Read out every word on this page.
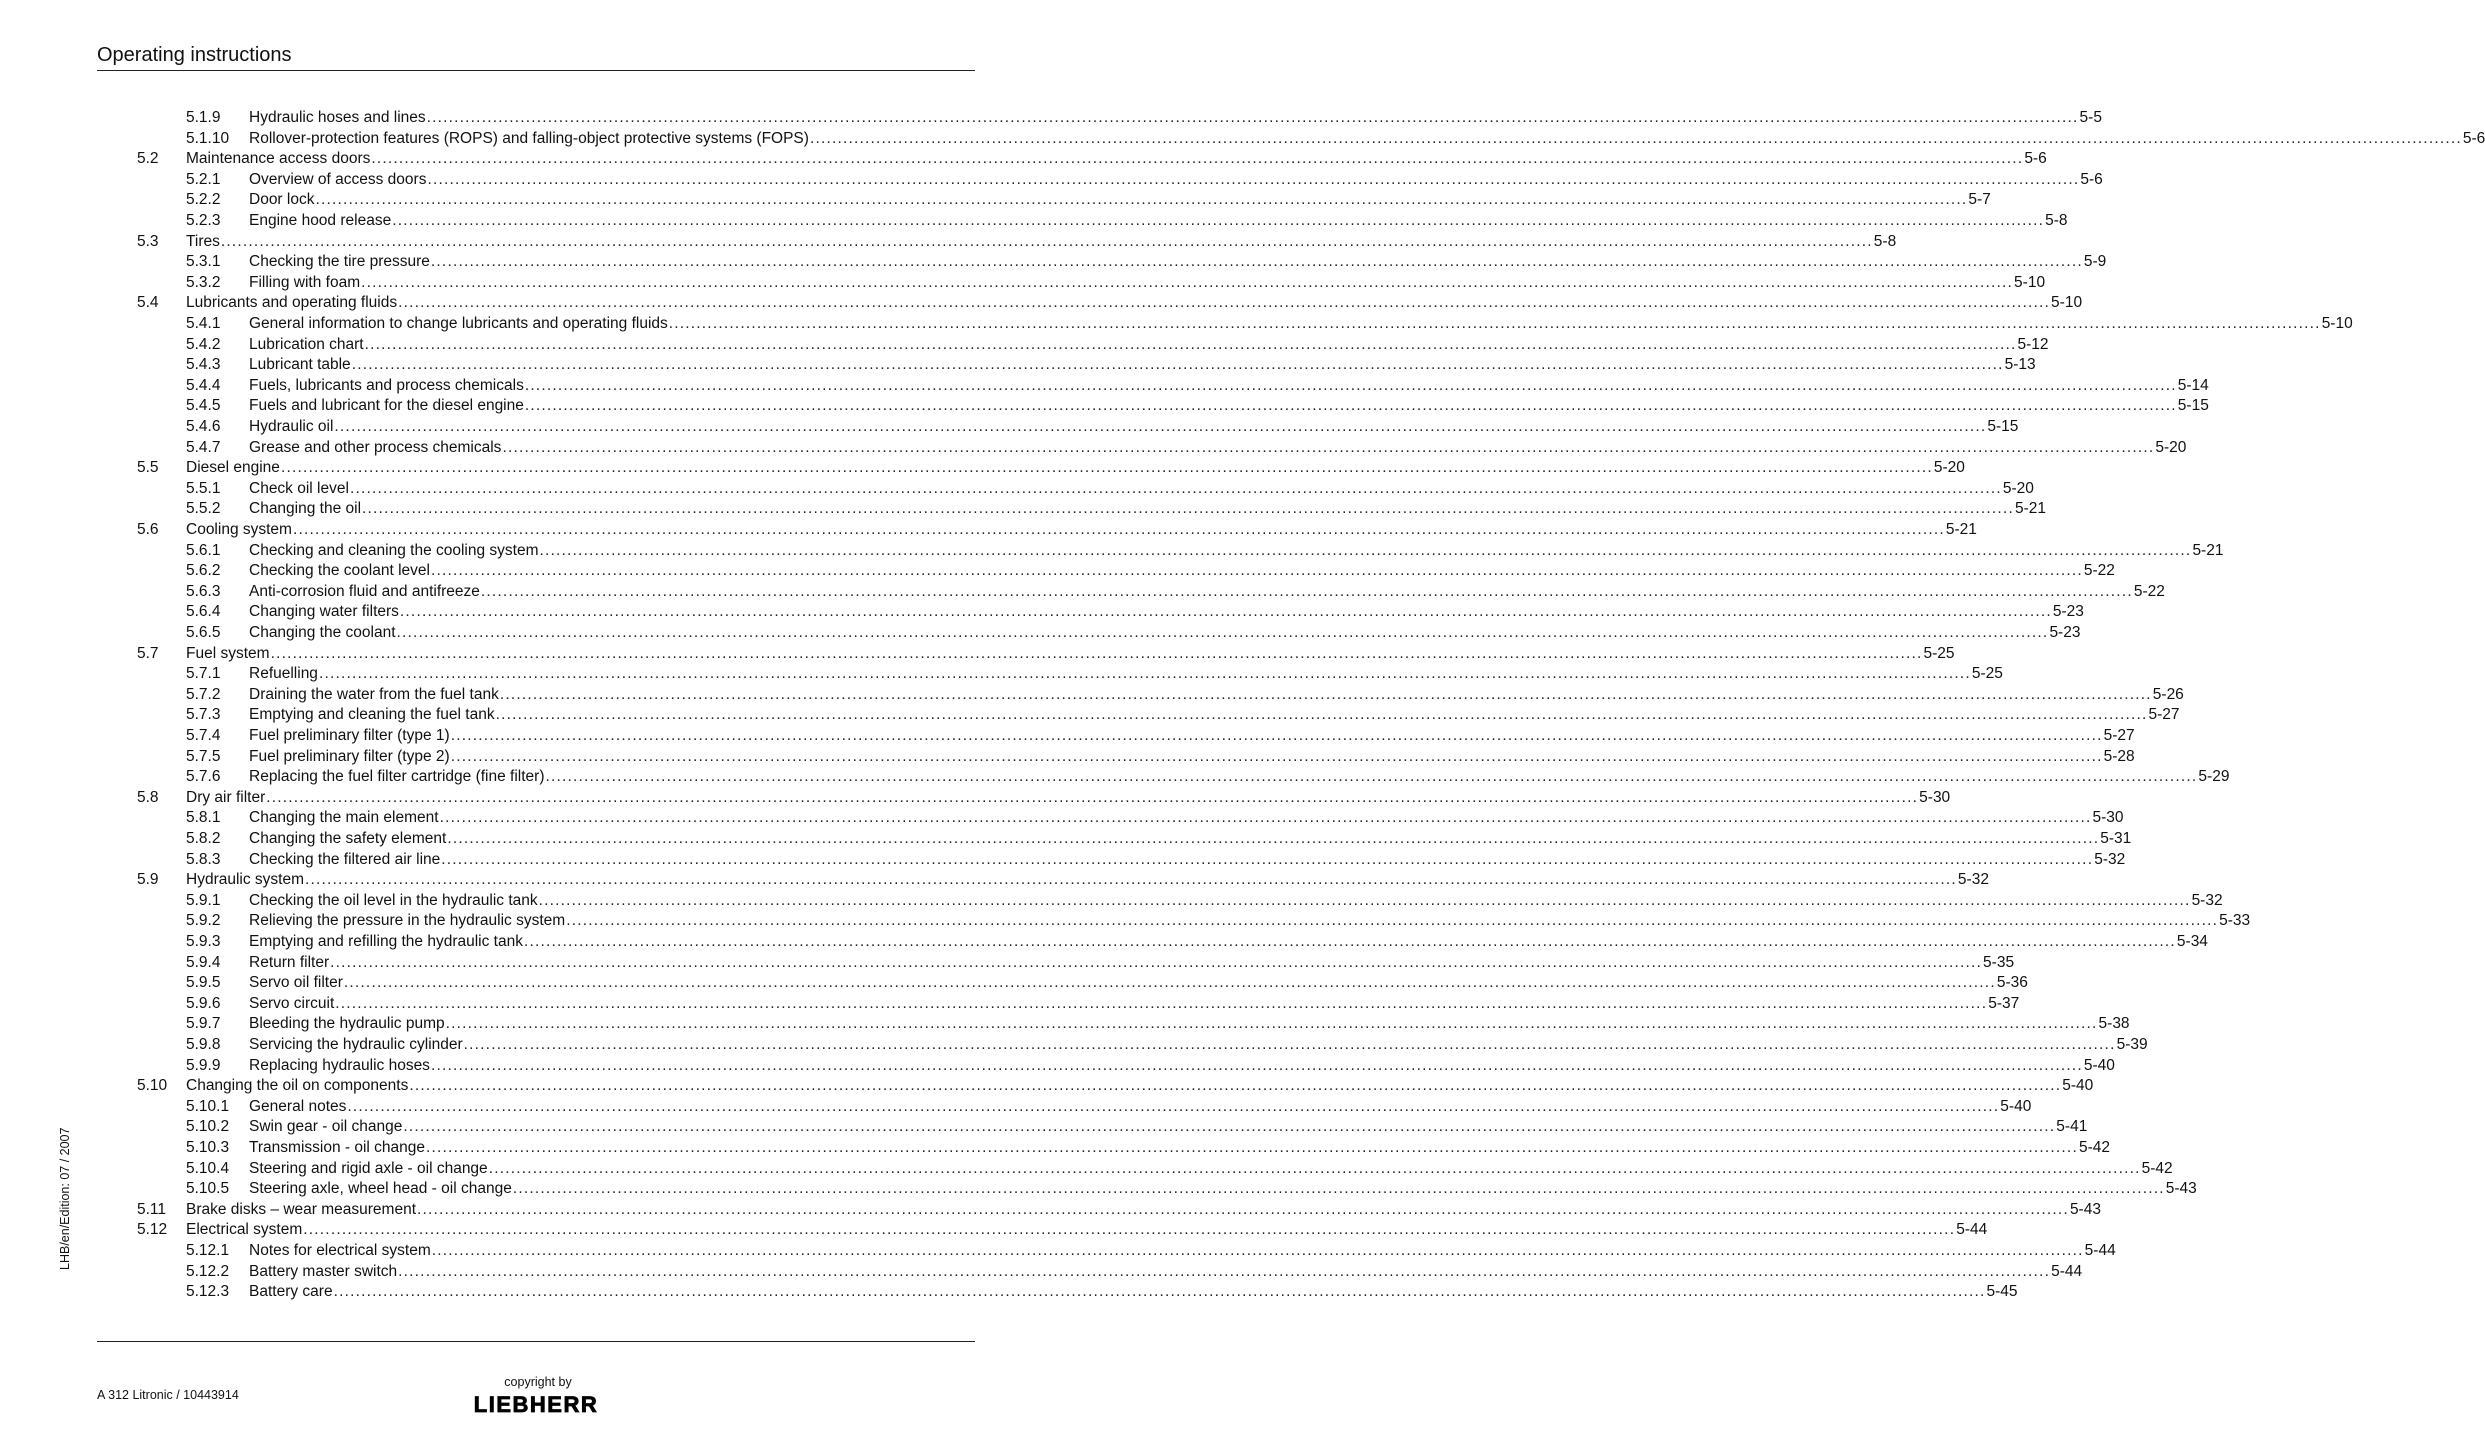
Operating instructions
5.1.9 Hydraulic hoses and lines ............................................................................................................................................................................................................................................................................................................ 5-5
5.1.10 Rollover-protection features (ROPS) and falling-object protective systems (FOPS) ............................................................................................................................................................................................................................................................................................................ 5-6
5.2 Maintenance access doors ............................................................................................................................................................................................................................................................................................................ 5-6
5.2.1 Overview of access doors ............................................................................................................................................................................................................................................................................................................ 5-6
5.2.2 Door lock ............................................................................................................................................................................................................................................................................................................ 5-7
5.2.3 Engine hood release ............................................................................................................................................................................................................................................................................................................ 5-8
5.3 Tires ............................................................................................................................................................................................................................................................................................................ 5-8
5.3.1 Checking the tire pressure ............................................................................................................................................................................................................................................................................................................ 5-9
5.3.2 Filling with foam ............................................................................................................................................................................................................................................................................................................ 5-10
5.4 Lubricants and operating fluids ............................................................................................................................................................................................................................................................................................................ 5-10
5.4.1 General information to change lubricants and operating fluids ............................................................................................................................................................................................................................................................................................................ 5-10
5.4.2 Lubrication chart ............................................................................................................................................................................................................................................................................................................ 5-12
5.4.3 Lubricant table ............................................................................................................................................................................................................................................................................................................ 5-13
5.4.4 Fuels, lubricants and process chemicals ............................................................................................................................................................................................................................................................................................................ 5-14
5.4.5 Fuels and lubricant for the diesel engine ............................................................................................................................................................................................................................................................................................................ 5-15
5.4.6 Hydraulic oil ............................................................................................................................................................................................................................................................................................................ 5-15
5.4.7 Grease and other process chemicals ............................................................................................................................................................................................................................................................................................................ 5-20
5.5 Diesel engine ............................................................................................................................................................................................................................................................................................................ 5-20
5.5.1 Check oil level ............................................................................................................................................................................................................................................................................................................ 5-20
5.5.2 Changing the oil ............................................................................................................................................................................................................................................................................................................ 5-21
5.6 Cooling system ............................................................................................................................................................................................................................................................................................................ 5-21
5.6.1 Checking and cleaning the cooling system ............................................................................................................................................................................................................................................................................................................ 5-21
5.6.2 Checking the coolant level ............................................................................................................................................................................................................................................................................................................ 5-22
5.6.3 Anti-corrosion fluid and antifreeze ............................................................................................................................................................................................................................................................................................................ 5-22
5.6.4 Changing water filters ............................................................................................................................................................................................................................................................................................................ 5-23
5.6.5 Changing the coolant ............................................................................................................................................................................................................................................................................................................ 5-23
5.7 Fuel system ............................................................................................................................................................................................................................................................................................................ 5-25
5.7.1 Refuelling ............................................................................................................................................................................................................................................................................................................ 5-25
5.7.2 Draining the water from the fuel tank ............................................................................................................................................................................................................................................................................................................ 5-26
5.7.3 Emptying and cleaning the fuel tank ............................................................................................................................................................................................................................................................................................................ 5-27
5.7.4 Fuel preliminary filter (type 1) ............................................................................................................................................................................................................................................................................................................ 5-27
5.7.5 Fuel preliminary filter (type 2) ............................................................................................................................................................................................................................................................................................................ 5-28
5.7.6 Replacing the fuel filter cartridge (fine filter) ............................................................................................................................................................................................................................................................................................................ 5-29
5.8 Dry air filter ............................................................................................................................................................................................................................................................................................................ 5-30
5.8.1 Changing the main element ............................................................................................................................................................................................................................................................................................................ 5-30
5.8.2 Changing the safety element ............................................................................................................................................................................................................................................................................................................ 5-31
5.8.3 Checking the filtered air line ............................................................................................................................................................................................................................................................................................................ 5-32
5.9 Hydraulic system ............................................................................................................................................................................................................................................................................................................ 5-32
5.9.1 Checking the oil level in the hydraulic tank ............................................................................................................................................................................................................................................................................................................ 5-32
5.9.2 Relieving the pressure in the hydraulic system ............................................................................................................................................................................................................................................................................................................ 5-33
5.9.3 Emptying and refilling the hydraulic tank ............................................................................................................................................................................................................................................................................................................ 5-34
5.9.4 Return filter ............................................................................................................................................................................................................................................................................................................ 5-35
5.9.5 Servo oil filter ............................................................................................................................................................................................................................................................................................................ 5-36
5.9.6 Servo circuit ............................................................................................................................................................................................................................................................................................................ 5-37
5.9.7 Bleeding the hydraulic pump ............................................................................................................................................................................................................................................................................................................ 5-38
5.9.8 Servicing the hydraulic cylinder ............................................................................................................................................................................................................................................................................................................ 5-39
5.9.9 Replacing hydraulic hoses ............................................................................................................................................................................................................................................................................................................ 5-40
5.10 Changing the oil on components ............................................................................................................................................................................................................................................................................................................ 5-40
5.10.1 General notes ............................................................................................................................................................................................................................................................................................................ 5-40
5.10.2 Swin gear - oil change ............................................................................................................................................................................................................................................................................................................ 5-41
5.10.3 Transmission - oil change ............................................................................................................................................................................................................................................................................................................ 5-42
5.10.4 Steering and rigid axle - oil change ............................................................................................................................................................................................................................................................................................................ 5-42
5.10.5 Steering axle, wheel head - oil change ............................................................................................................................................................................................................................................................................................................ 5-43
5.11 Brake disks – wear measurement ............................................................................................................................................................................................................................................................................................................ 5-43
5.12 Electrical system ............................................................................................................................................................................................................................................................................................................ 5-44
5.12.1 Notes for electrical system ............................................................................................................................................................................................................................................................................................................ 5-44
5.12.2 Battery master switch ............................................................................................................................................................................................................................................................................................................ 5-44
5.12.3 Battery care ............................................................................................................................................................................................................................................................................................................ 5-45
LHB/en/Edition: 07 / 2007
A 312 Litronic / 10443914
copyright by
LIEBHERR
